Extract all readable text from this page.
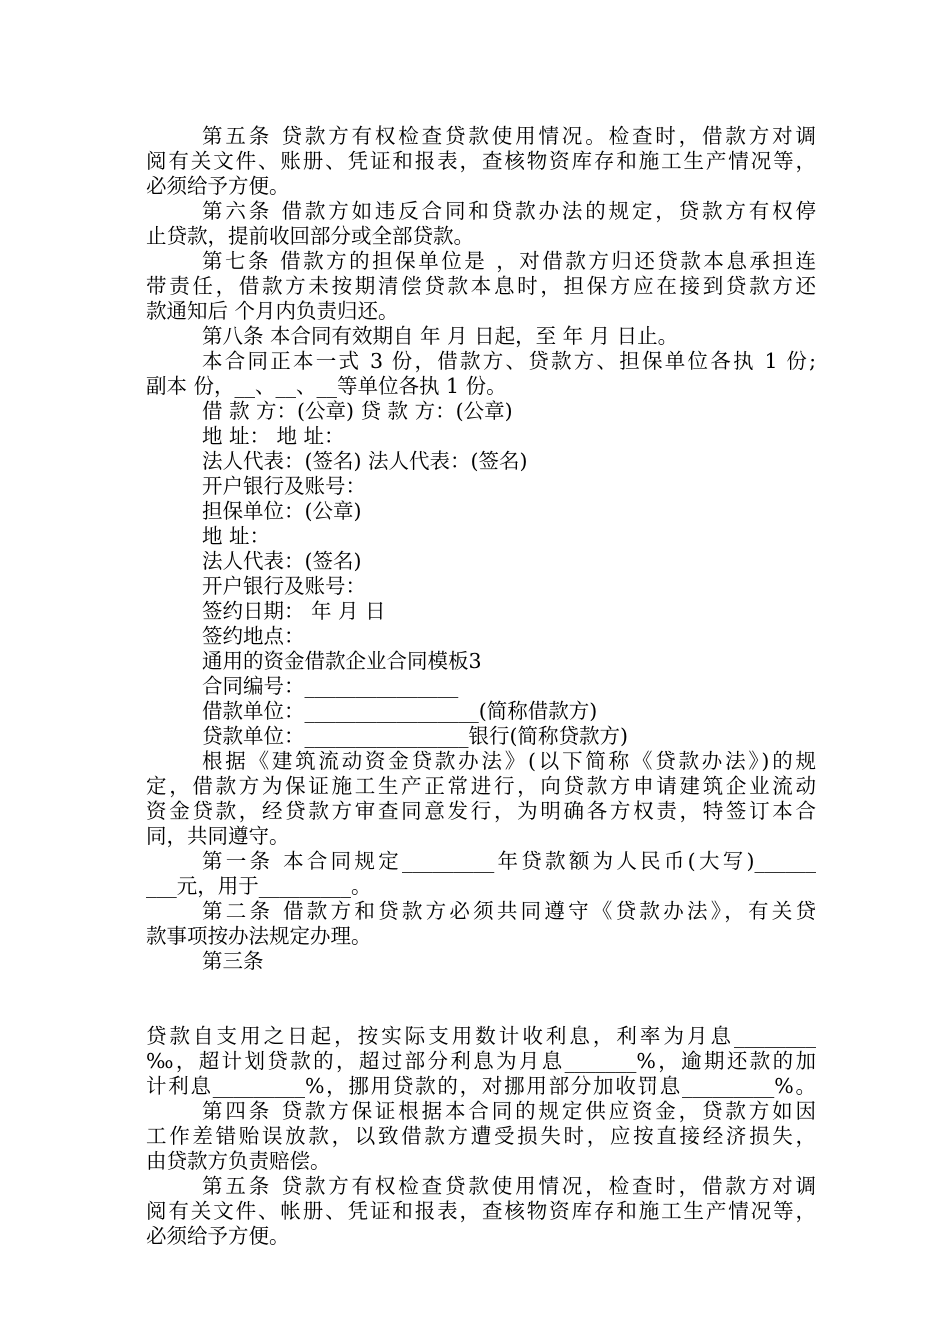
第五条 贷款方有权检查贷款使用情况。检查时，借款方对调
阅有关文件、账册、凭证和报表，查核物资库存和施工生产情况等，
必须给予方便。
第六条 借款方如违反合同和贷款办法的规定，贷款方有权停
止贷款，提前收回部分或全部贷款。
第七条 借款方的担保单位是 ，对借款方归还贷款本息承担连
带责任，借款方未按期清偿贷款本息时，担保方应在接到贷款方还
款通知后 个月内负责归还。
第八条 本合同有效期自 年 月 日起，至 年 月 日止。
本合同正本一式 3 份，借款方、贷款方、担保单位各执 1 份;
副本 份，__、__、__等单位各执 1 份。
借 款 方：(公章) 贷 款 方：(公章)
地 址： 地 址：
法人代表：(签名) 法人代表：(签名)
开户银行及账号：
担保单位：(公章)
地 址：
法人代表：(签名)
开户银行及账号：
签约日期： 年 月 日
签约地点：
通用的资金借款企业合同模板3
合同编号：_______________
借款单位：_________________(简称借款方)
贷款单位：________________银行(简称贷款方)
根据《建筑流动资金贷款办法》(以下简称《贷款办法》)的规
定，借款方为保证施工生产正常进行，向贷款方申请建筑企业流动
资金贷款，经贷款方审查同意发行，为明确各方权责，特签订本合
同，共同遵守。
第一条 本合同规定_________年贷款额为人民币(大写)______
___元，用于_________。
第二条 借款方和贷款方必须共同遵守《贷款办法》，有关贷
款事项按办法规定办理。
第三条
贷款自支用之日起，按实际支用数计收利息，利率为月息________
‰，超计划贷款的，超过部分利息为月息_______%，逾期还款的加
计利息_________%，挪用贷款的，对挪用部分加收罚息_________%。
第四条 贷款方保证根据本合同的规定供应资金，贷款方如因
工作差错贻误放款，以致借款方遭受损失时，应按直接经济损失，
由贷款方负责赔偿。
第五条 贷款方有权检查贷款使用情况，检查时，借款方对调
阅有关文件、帐册、凭证和报表，查核物资库存和施工生产情况等，
必须给予方便。
